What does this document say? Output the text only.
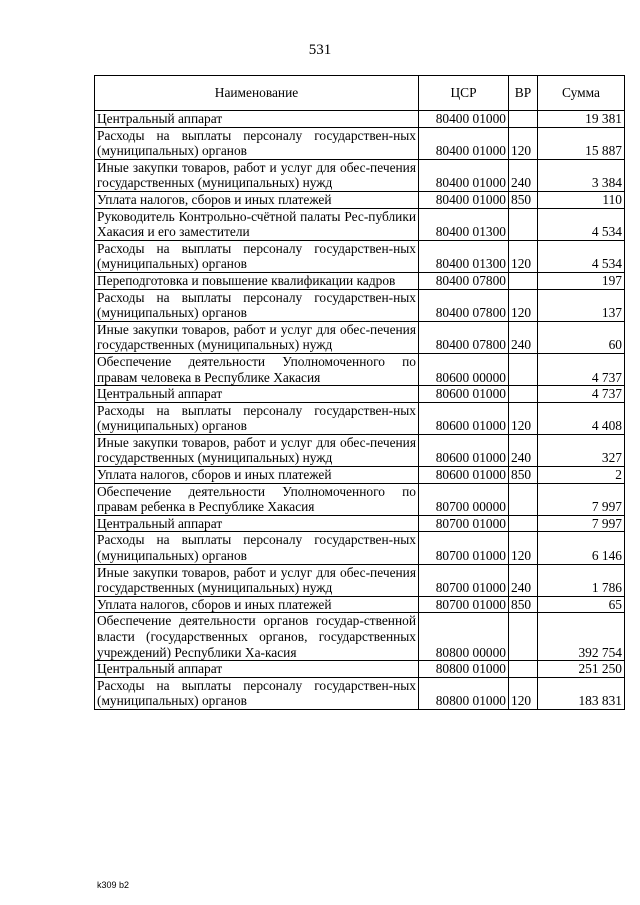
531
Наименование	ЦСР	ВР	Сумма
Центральный аппарат	80400 01000		19 381
Расходы на выплаты персоналу государствен-ных (муниципальных) органов	80400 01000	120	15 887
Иные закупки товаров, работ и услуг для обес-печения государственных (муниципальных) нужд	80400 01000	240	3 384
Уплата налогов, сборов и иных платежей	80400 01000	850	110
Руководитель Контрольно-счётной палаты Рес-публики Хакасия и его заместители	80400 01300		4 534
Расходы на выплаты персоналу государствен-ных (муниципальных) органов	80400 01300	120	4 534
Переподготовка и повышение квалификации кадров	80400 07800		197
Расходы на выплаты персоналу государствен-ных (муниципальных) органов	80400 07800	120	137
Иные закупки товаров, работ и услуг для обес-печения государственных (муниципальных) нужд	80400 07800	240	60
Обеспечение деятельности Уполномоченного по правам человека в Республике Хакасия	80600 00000		4 737
Центральный аппарат	80600 01000		4 737
Расходы на выплаты персоналу государствен-ных (муниципальных) органов	80600 01000	120	4 408
Иные закупки товаров, работ и услуг для обес-печения государственных (муниципальных) нужд	80600 01000	240	327
Уплата налогов, сборов и иных платежей	80600 01000	850	2
Обеспечение деятельности Уполномоченного по правам ребенка в Республике Хакасия	80700 00000		7 997
Центральный аппарат	80700 01000		7 997
Расходы на выплаты персоналу государствен-ных (муниципальных) органов	80700 01000	120	6 146
Иные закупки товаров, работ и услуг для обес-печения государственных (муниципальных) нужд	80700 01000	240	1 786
Уплата налогов, сборов и иных платежей	80700 01000	850	65
Обеспечение деятельности органов государ-ственной власти (государственных органов, государственных учреждений) Республики Ха-касия	80800 00000		392 754
Центральный аппарат	80800 01000		251 250
Расходы на выплаты персоналу государствен-ных (муниципальных) органов	80800 01000	120	183 831
k309 b2
